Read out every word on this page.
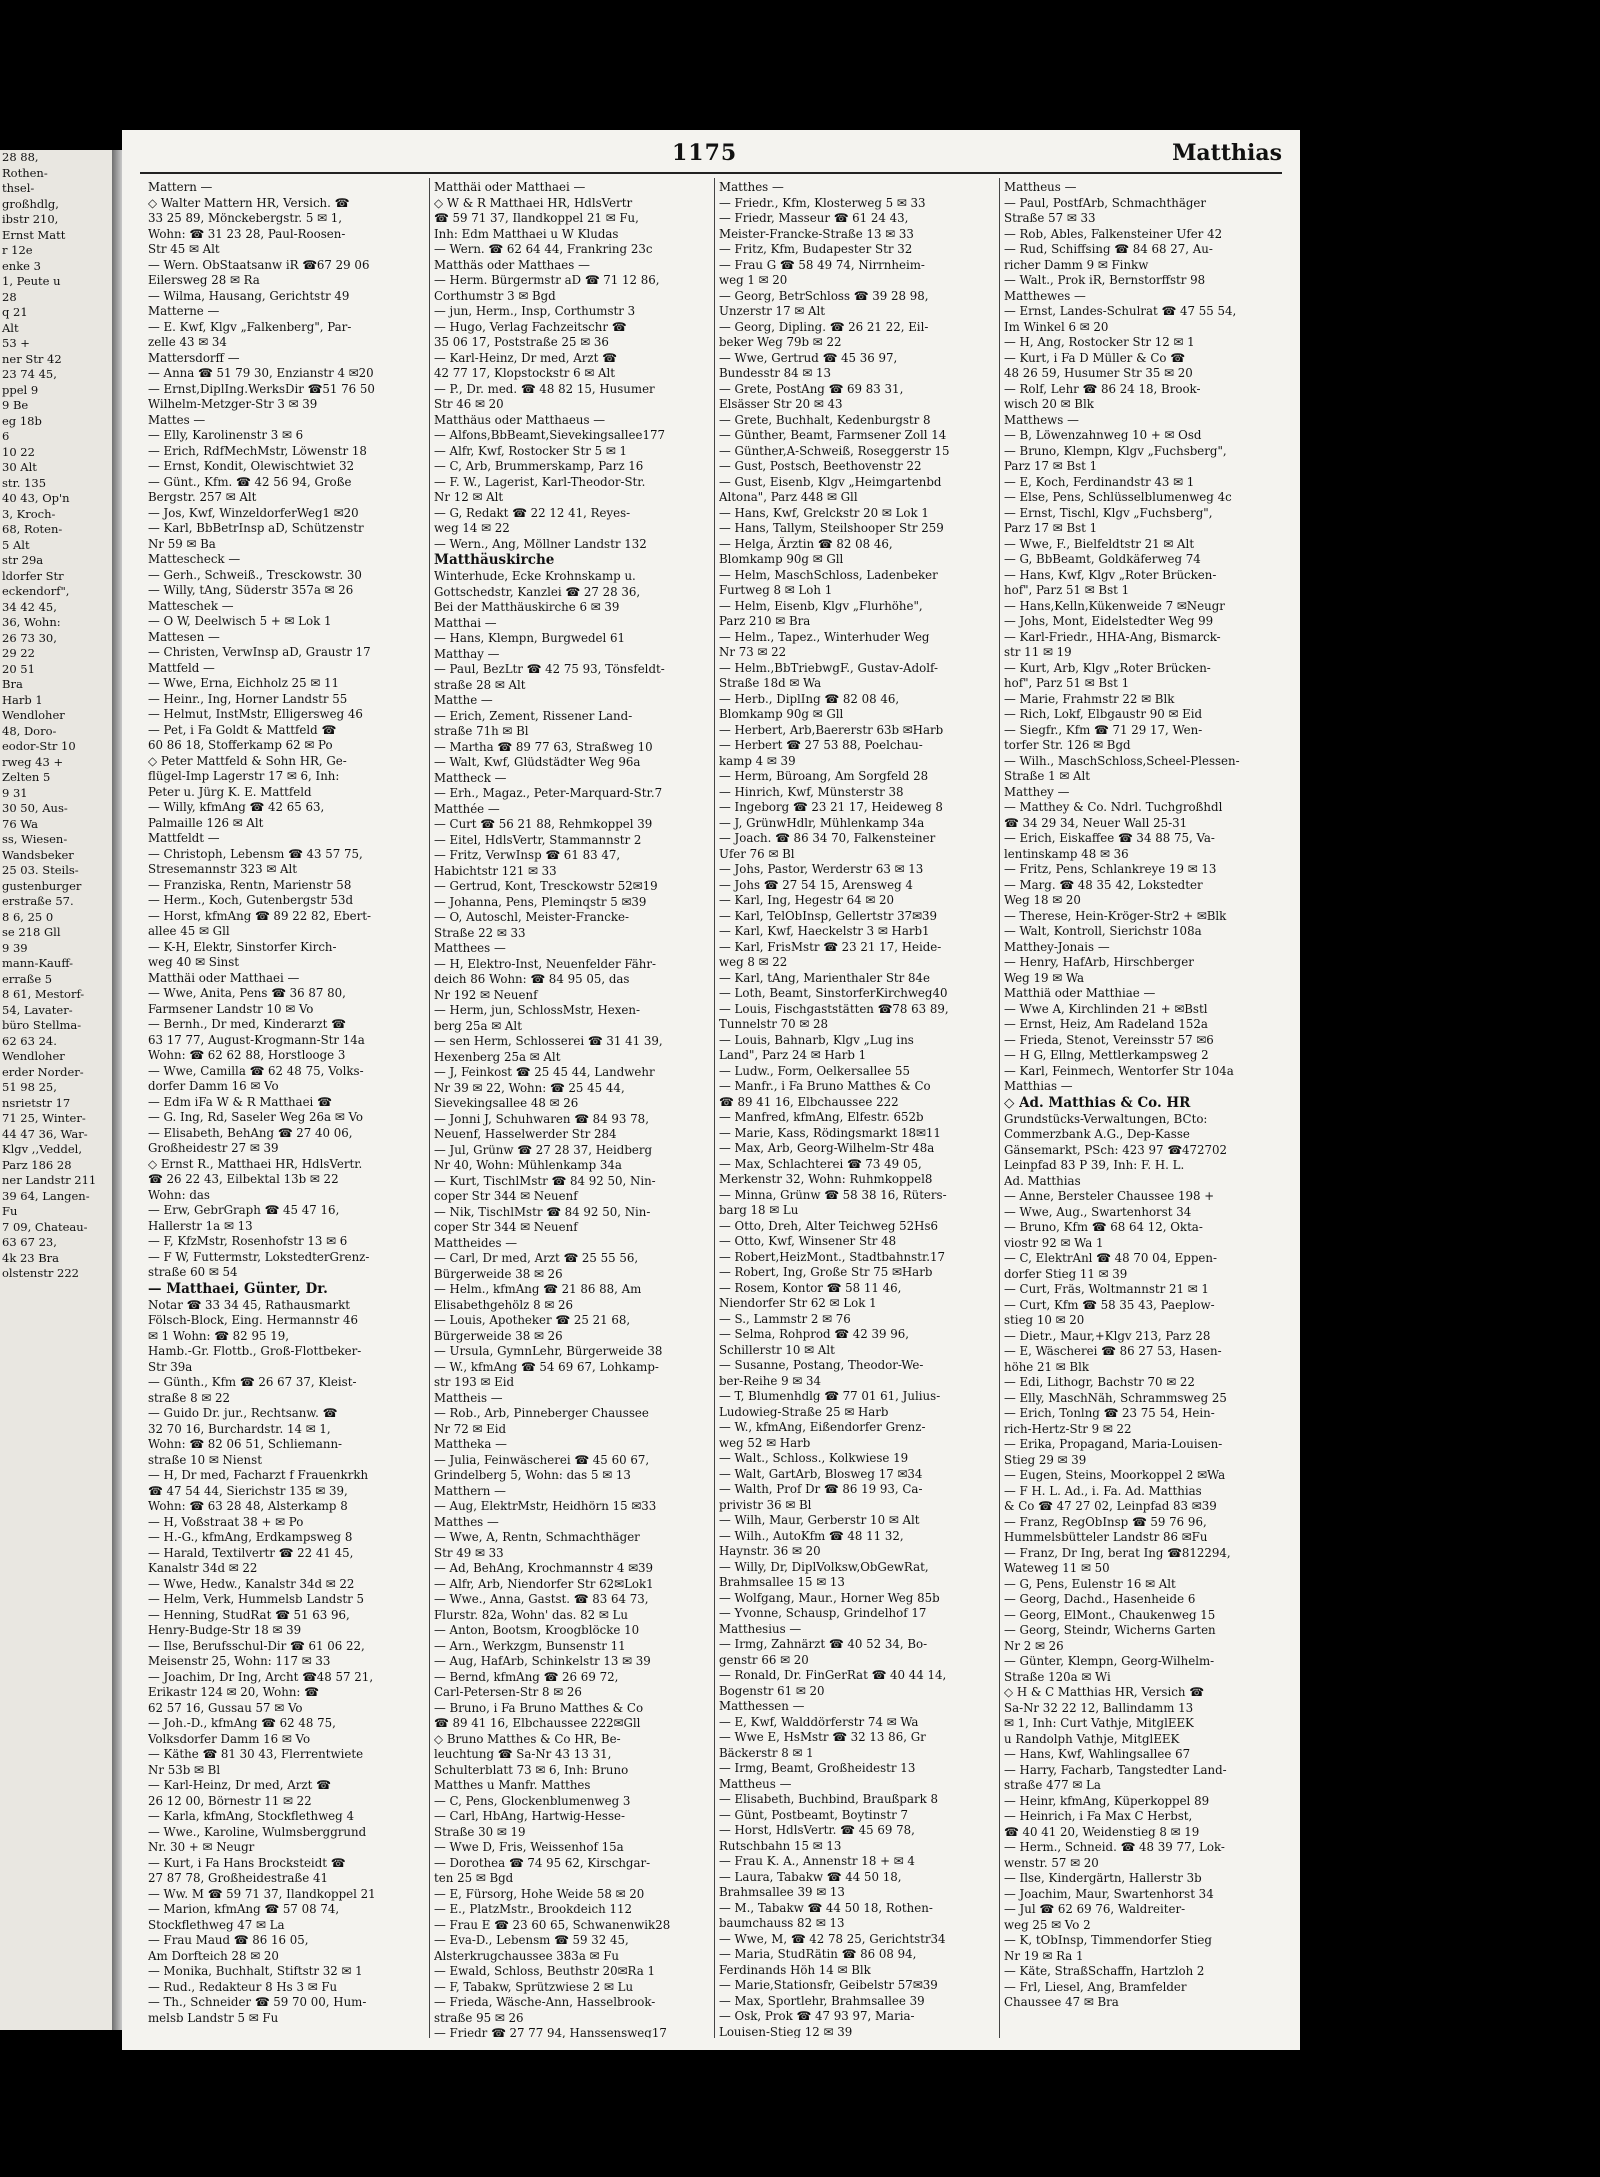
28 88,
Rothen-
thsel-
großhdlg,
ibstr 210,
Ernst Matt
r 12e
enke 3
1, Peute u
28
q 21
Alt
53 +
ner Str 42
23 74 45,
ppel 9
9 Be
eg 18b
6
10 22
30 Alt
str. 135
40 43, Op'n
3, Kroch-
68, Roten-
5 Alt
str 29a
ldorfer Str
eckendorf",
34 42 45,
36, Wohn:
26 73 30,
29 22
20 51
Bra
Harb 1
Wendloher
48, Doro-
eodor-Str 10
rweg 43 +
Zelten 5
9 31
30 50, Aus-
76 Wa
ss, Wiesen-
Wandsbeker
25 03. Steils-
gustenburger
erstraße 57.
8 6, 25 0
se 218 Gll
9 39
mann-Kauff-
erraße 5
8 61, Mestorf-
54, Lavater-
büro Stellma-
62 63 24.
Wendloher
erder Norder-
51 98 25,
nsrietstr 17
71 25, Winter-
44 47 36, War-
Klgv ,,Veddel,
Parz 186 28
ner Landstr 211
39 64, Langen-
Fu
7 09, Chateau-
63 67 23,
4k 23 Bra
olstenstr 222
1175	Matthias
Mattern —
◇ Walter Mattern HR, Versich. ☎
33 25 89, Mönckebergstr. 5 ✉ 1,
Wohn: ☎ 31 23 28, Paul-Roosen-
Str 45 ✉ Alt
— Wern. ObStaatsanw iR ☎67 29 06
Eilersweg 28 ✉ Ra
— Wilma, Hausang, Gerichtstr 49
Matterne —
— E. Kwf, Klgv „Falkenberg", Par-
zelle 43 ✉ 34
Mattersdorff —
— Anna ☎ 51 79 30, Enzianstr 4 ✉20
— Ernst,DiplIng.WerksDir ☎51 76 50
Wilhelm-Metzger-Str 3 ✉ 39
Mattes —
— Elly, Karolinenstr 3 ✉ 6
— Erich, RdfMechMstr, Löwenstr 18
— Ernst, Kondit, Olewischtwiet 32
— Günt., Kfm. ☎ 42 56 94, Große
Bergstr. 257 ✉ Alt
— Jos, Kwf, WinzeldorferWeg1 ✉20
— Karl, BbBetrInsp aD, Schützenstr
Nr 59 ✉ Ba
Mattescheck —
— Gerh., Schweiß., Tresckowstr. 30
— Willy, tAng, Süderstr 357a ✉ 26
Matteschek —
— O W, Deelwisch 5 + ✉ Lok 1
Mattesen —
— Christen, VerwInsp aD, Graustr 17
Mattfeld —
— Wwe, Erna, Eichholz 25 ✉ 11
— Heinr., Ing, Horner Landstr 55
— Helmut, InstMstr, Elligersweg 46
— Pet, i Fa Goldt & Mattfeld ☎
60 86 18, Stofferkamp 62 ✉ Po
◇ Peter Mattfeld & Sohn HR, Ge-
flügel-Imp Lagerstr 17 ✉ 6, Inh:
Peter u. Jürg K. E. Mattfeld
— Willy, kfmAng ☎ 42 65 63,
Palmaille 126 ✉ Alt
Mattfeldt —
— Christoph, Lebensm ☎ 43 57 75,
Stresemannstr 323 ✉ Alt
— Franziska, Rentn, Marienstr 58
— Herm., Koch, Gutenbergstr 53d
— Horst, kfmAng ☎ 89 22 82, Ebert-
allee 45 ✉ Gll
— K-H, Elektr, Sinstorfer Kirch-
weg 40 ✉ Sinst
Matthäi oder Matthaei —
— Wwe, Anita, Pens ☎ 36 87 80,
Farmsener Landstr 10 ✉ Vo
— Bernh., Dr med, Kinderarzt ☎
63 17 77, August-Krogmann-Str 14a
Wohn: ☎ 62 62 88, Horstlooge 3
— Wwe, Camilla ☎ 62 48 75, Volks-
dorfer Damm 16 ✉ Vo
— Edm iFa W & R Matthaei ☎
— G. Ing, Rd, Saseler Weg 26a ✉ Vo
— Elisabeth, BehAng ☎ 27 40 06,
Großheidestr 27 ✉ 39
◇ Ernst R., Matthaei HR, HdlsVertr.
☎ 26 22 43, Eilbektal 13b ✉ 22
Wohn: das
— Erw, GebrGraph ☎ 45 47 16,
Hallerstr 1a ✉ 13
— F, KfzMstr, Rosenhofstr 13 ✉ 6
— F W, Futtermstr, LokstedterGrenz-
straße 60 ✉ 54
— Matthaei, Günter, Dr.
Notar ☎ 33 34 45, Rathausmarkt
Fölsch-Block, Eing. Hermannstr 46
✉ 1 Wohn: ☎ 82 95 19,
Hamb.-Gr. Flottb., Groß-Flottbeker-
Str 39a
— Günth., Kfm ☎ 26 67 37, Kleist-
straße 8 ✉ 22
— Guido Dr. jur., Rechtsanw. ☎
32 70 16, Burchardstr. 14 ✉ 1,
Wohn: ☎ 82 06 51, Schliemann-
straße 10 ✉ Nienst
— H, Dr med, Facharzt f Frauenkrkh
☎ 47 54 44, Sierichstr 135 ✉ 39,
Wohn: ☎ 63 28 48, Alsterkamp 8
— H, Voßstraat 38 + ✉ Po
— H.-G., kfmAng, Erdkampsweg 8
— Harald, Textilvertr ☎ 22 41 45,
Kanalstr 34d ✉ 22
— Wwe, Hedw., Kanalstr 34d ✉ 22
— Helm, Verk, Hummelsb Landstr 5
— Henning, StudRat ☎ 51 63 96,
Henry-Budge-Str 18 ✉ 39
— Ilse, Berufsschul-Dir ☎ 61 06 22,
Meisenstr 25, Wohn: 117 ✉ 33
— Joachim, Dr Ing, Archt ☎48 57 21,
Erikastr 124 ✉ 20, Wohn: ☎
62 57 16, Gussau 57 ✉ Vo
— Joh.-D., kfmAng ☎ 62 48 75,
Volksdorfer Damm 16 ✉ Vo
— Käthe ☎ 81 30 43, Flerrentwiete
Nr 53b ✉ Bl
— Karl-Heinz, Dr med, Arzt ☎
26 12 00, Börnestr 11 ✉ 22
— Karla, kfmAng, Stockflethweg 4
— Wwe., Karoline, Wulmsberggrund
Nr. 30 + ✉ Neugr
— Kurt, i Fa Hans Brocksteidt ☎
27 87 78, Großheidestraße 41
— Ww. M ☎ 59 71 37, Ilandkoppel 21
— Marion, kfmAng ☎ 57 08 74,
Stockflethweg 47 ✉ La
— Frau Maud ☎ 86 16 05,
Am Dorfteich 28 ✉ 20
— Monika, Buchhalt, Stiftstr 32 ✉ 1
— Rud., Redakteur 8 Hs 3 ✉ Fu
— Th., Schneider ☎ 59 70 00, Hum-
melsb Landstr 5 ✉ Fu
Matthäi oder Matthaei —
◇ W & R Matthaei HR, HdlsVertr
☎ 59 71 37, Ilandkoppel 21 ✉ Fu,
Inh: Edm Matthaei u W Kludas
— Wern. ☎ 62 64 44, Frankring 23c
Matthäs oder Matthaes —
— Herm. Bürgermstr aD ☎ 71 12 86,
Corthumstr 3 ✉ Bgd
— jun, Herm., Insp, Corthumstr 3
— Hugo, Verlag Fachzeitschr ☎
35 06 17, Poststraße 25 ✉ 36
— Karl-Heinz, Dr med, Arzt ☎
42 77 17, Klopstockstr 6 ✉ Alt
— P., Dr. med. ☎ 48 82 15, Husumer
Str 46 ✉ 20
Matthäus oder Matthaeus —
— Alfons,BbBeamt,Sievekingsallee177
— Alfr, Kwf, Rostocker Str 5 ✉ 1
— C, Arb, Brummerskamp, Parz 16
— F. W., Lagerist, Karl-Theodor-Str.
Nr 12 ✉ Alt
— G, Redakt ☎ 22 12 41, Reyes-
weg 14 ✉ 22
— Wern., Ang, Möllner Landstr 132
Matthäuskirche
Winterhude, Ecke Krohnskamp u.
Gottschedstr, Kanzlei ☎ 27 28 36,
Bei der Matthäuskirche 6 ✉ 39
Matthai —
— Hans, Klempn, Burgwedel 61
Matthay —
— Paul, BezLtr ☎ 42 75 93, Tönsfeldt-
straße 28 ✉ Alt
Matthe —
— Erich, Zement, Rissener Land-
straße 71h ✉ Bl
— Martha ☎ 89 77 63, Straßweg 10
— Walt, Kwf, Glüdstädter Weg 96a
Mattheck —
— Erh., Magaz., Peter-Marquard-Str.7
Matthée —
— Curt ☎ 56 21 88, Rehmkoppel 39
— Eitel, HdlsVertr, Stammannstr 2
— Fritz, VerwInsp ☎ 61 83 47,
Habichtstr 121 ✉ 33
— Gertrud, Kont, Tresckowstr 52✉19
— Johanna, Pens, Pleminqstr 5 ✉39
— O, Autoschl, Meister-Francke-
Straße 22 ✉ 33
Matthees —
— H, Elektro-Inst, Neuenfelder Fähr-
deich 86 Wohn: ☎ 84 95 05, das
Nr 192 ✉ Neuenf
— Herm, jun, SchlossMstr, Hexen-
berg 25a ✉ Alt
— sen Herm, Schlosserei ☎ 31 41 39,
Hexenberg 25a ✉ Alt
— J, Feinkost ☎ 25 45 44, Landwehr
Nr 39 ✉ 22, Wohn: ☎ 25 45 44,
Sievekingsallee 48 ✉ 26
— Jonni J, Schuhwaren ☎ 84 93 78,
Neuenf, Hasselwerder Str 284
— Jul, Grünw ☎ 27 28 37, Heidberg
Nr 40, Wohn: Mühlenkamp 34a
— Kurt, TischlMstr ☎ 84 92 50, Nin-
coper Str 344 ✉ Neuenf
— Nik, TischlMstr ☎ 84 92 50, Nin-
coper Str 344 ✉ Neuenf
Mattheides —
— Carl, Dr med, Arzt ☎ 25 55 56,
Bürgerweide 38 ✉ 26
— Helm., kfmAng ☎ 21 86 88, Am
Elisabethgehölz 8 ✉ 26
— Louis, Apotheker ☎ 25 21 68,
Bürgerweide 38 ✉ 26
— Ursula, GymnLehr, Bürgerweide 38
— W., kfmAng ☎ 54 69 67, Lohkamp-
str 193 ✉ Eid
Mattheis —
— Rob., Arb, Pinneberger Chaussee
Nr 72 ✉ Eid
Mattheka —
— Julia, Feinwäscherei ☎ 45 60 67,
Grindelberg 5, Wohn: das 5 ✉ 13
Matthern —
— Aug, ElektrMstr, Heidhörn 15 ✉33
Matthes —
— Wwe, A, Rentn, Schmachthäger
Str 49 ✉ 33
— Ad, BehAng, Krochmannstr 4 ✉39
— Alfr, Arb, Niendorfer Str 62✉Lok1
— Wwe., Anna, Gastst. ☎ 83 64 73,
Flurstr. 82a, Wohn' das. 82 ✉ Lu
— Anton, Bootsm, Kroogblöcke 10
— Arn., Werkzgm, Bunsenstr 11
— Aug, HafArb, Schinkelstr 13 ✉ 39
— Bernd, kfmAng ☎ 26 69 72,
Carl-Petersen-Str 8 ✉ 26
— Bruno, i Fa Bruno Matthes & Co
☎ 89 41 16, Elbchaussee 222✉Gll
◇ Bruno Matthes & Co HR, Be-
leuchtung ☎ Sa-Nr 43 13 31,
Schulterblatt 73 ✉ 6, Inh: Bruno
Matthes u Manfr. Matthes
— C, Pens, Glockenblumenweg 3
— Carl, HbAng, Hartwig-Hesse-
Straße 30 ✉ 19
— Wwe D, Fris, Weissenhof 15a
— Dorothea ☎ 74 95 62, Kirschgar-
ten 25 ✉ Bgd
— E, Fürsorg, Hohe Weide 58 ✉ 20
— E., PlatzMstr., Brookdeich 112
— Frau E ☎ 23 60 65, Schwanenwik28
— Eva-D., Lebensm ☎ 59 32 45,
Alsterkrugchaussee 383a ✉ Fu
— Ewald, Schloss, Beuthstr 20✉Ra 1
— F, Tabakw, Sprützwiese 2 ✉ Lu
— Frieda, Wäsche-Ann, Hasselbrook-
straße 95 ✉ 26
— Friedr ☎ 27 77 94, Hanssensweg17
Matthes —
— Friedr., Kfm, Klosterweg 5 ✉ 33
— Friedr, Masseur ☎ 61 24 43,
Meister-Francke-Straße 13 ✉ 33
— Fritz, Kfm, Budapester Str 32
— Frau G ☎ 58 49 74, Nirrnheim-
weg 1 ✉ 20
— Georg, BetrSchloss ☎ 39 28 98,
Unzerstr 17 ✉ Alt
— Georg, Dipling. ☎ 26 21 22, Eil-
beker Weg 79b ✉ 22
— Wwe, Gertrud ☎ 45 36 97,
Bundesstr 84 ✉ 13
— Grete, PostAng ☎ 69 83 31,
Elsässer Str 20 ✉ 43
— Grete, Buchhalt, Kedenburgstr 8
— Günther, Beamt, Farmsener Zoll 14
— Günther,A-Schweiß, Roseggerstr 15
— Gust, Postsch, Beethovenstr 22
— Gust, Eisenb, Klgv „Heimgartenbd
Altona", Parz 448 ✉ Gll
— Hans, Kwf, Grelckstr 20 ✉ Lok 1
— Hans, Tallym, Steilshooper Str 259
— Helga, Ärztin ☎ 82 08 46,
Blomkamp 90g ✉ Gll
— Helm, MaschSchloss, Ladenbeker
Furtweg 8 ✉ Loh 1
— Helm, Eisenb, Klgv „Flurhöhe",
Parz 210 ✉ Bra
— Helm., Tapez., Winterhuder Weg
Nr 73 ✉ 22
— Helm.,BbTriebwgF., Gustav-Adolf-
Straße 18d ✉ Wa
— Herb., DiplIng ☎ 82 08 46,
Blomkamp 90g ✉ Gll
— Herbert, Arb,Baererstr 63b ✉Harb
— Herbert ☎ 27 53 88, Poelchau-
kamp 4 ✉ 39
— Herm, Büroang, Am Sorgfeld 28
— Hinrich, Kwf, Münsterstr 38
— Ingeborg ☎ 23 21 17, Heideweg 8
— J, GrünwHdlr, Mühlenkamp 34a
— Joach. ☎ 86 34 70, Falkensteiner
Ufer 76 ✉ Bl
— Johs, Pastor, Werderstr 63 ✉ 13
— Johs ☎ 27 54 15, Arensweg 4
— Karl, Ing, Hegestr 64 ✉ 20
— Karl, TelObInsp, Gellertstr 37✉39
— Karl, Kwf, Haeckelstr 3 ✉ Harb1
— Karl, FrisMstr ☎ 23 21 17, Heide-
weg 8 ✉ 22
— Karl, tAng, Marienthaler Str 84e
— Loth, Beamt, SinstorferKirchweg40
— Louis, Fischgaststätten ☎78 63 89,
Tunnelstr 70 ✉ 28
— Louis, Bahnarb, Klgv „Lug ins
Land", Parz 24 ✉ Harb 1
— Ludw., Form, Oelkersallee 55
— Manfr., i Fa Bruno Matthes & Co
☎ 89 41 16, Elbchaussee 222
— Manfred, kfmAng, Elfestr. 652b
— Marie, Kass, Rödingsmarkt 18✉11
— Max, Arb, Georg-Wilhelm-Str 48a
— Max, Schlachterei ☎ 73 49 05,
Merkenstr 32, Wohn: Ruhmkoppel8
— Minna, Grünw ☎ 58 38 16, Rüters-
barg 18 ✉ Lu
— Otto, Dreh, Alter Teichweg 52Hs6
— Otto, Kwf, Winsener Str 48
— Robert,HeizMont., Stadtbahnstr.17
— Robert, Ing, Große Str 75 ✉Harb
— Rosem, Kontor ☎ 58 11 46,
Niendorfer Str 62 ✉ Lok 1
— S., Lammstr 2 ✉ 76
— Selma, Rohprod ☎ 42 39 96,
Schillerstr 10 ✉ Alt
— Susanne, Postang, Theodor-We-
ber-Reihe 9 ✉ 34
— T, Blumenhdlg ☎ 77 01 61, Julius-
Ludowieg-Straße 25 ✉ Harb
— W., kfmAng, Eißendorfer Grenz-
weg 52 ✉ Harb
— Walt., Schloss., Kolkwiese 19
— Walt, GartArb, Blosweg 17 ✉34
— Walth, Prof Dr ☎ 86 19 93, Ca-
privistr 36 ✉ Bl
— Wilh, Maur, Gerberstr 10 ✉ Alt
— Wilh., AutoKfm ☎ 48 11 32,
Haynstr. 36 ✉ 20
— Willy, Dr, DiplVolksw,ObGewRat,
Brahmsallee 15 ✉ 13
— Wolfgang, Maur., Horner Weg 85b
— Yvonne, Schausp, Grindelhof 17
Matthesius —
— Irmg, Zahnärzt ☎ 40 52 34, Bo-
genstr 66 ✉ 20
— Ronald, Dr. FinGerRat ☎ 40 44 14,
Bogenstr 61 ✉ 20
Matthessen —
— E, Kwf, Walddörferstr 74 ✉ Wa
— Wwe E, HsMstr ☎ 32 13 86, Gr
Bäckerstr 8 ✉ 1
— Irmg, Beamt, Großheidestr 13
Mattheus —
— Elisabeth, Buchbind, Braußpark 8
— Günt, Postbeamt, Boytinstr 7
— Horst, HdlsVertr. ☎ 45 69 78,
Rutschbahn 15 ✉ 13
— Frau K. A., Annenstr 18 + ✉ 4
— Laura, Tabakw ☎ 44 50 18,
Brahmsallee 39 ✉ 13
— M., Tabakw ☎ 44 50 18, Rothen-
baumchauss 82 ✉ 13
— Wwe, M, ☎ 42 78 25, Gerichtstr34
— Maria, StudRätin ☎ 86 08 94,
Ferdinands Höh 14 ✉ Blk
— Marie,Stationsfr, Geibelstr 57✉39
— Max, Sportlehr, Brahmsallee 39
— Osk, Prok ☎ 47 93 97, Maria-
Louisen-Stieg 12 ✉ 39
Mattheus —
— Paul, PostfArb, Schmachthäger
Straße 57 ✉ 33
— Rob, Ables, Falkensteiner Ufer 42
— Rud, Schiffsing ☎ 84 68 27, Au-
richer Damm 9 ✉ Finkw
— Walt., Prok iR, Bernstorffstr 98
Matthewes —
— Ernst, Landes-Schulrat ☎ 47 55 54,
Im Winkel 6 ✉ 20
— H, Ang, Rostocker Str 12 ✉ 1
— Kurt, i Fa D Müller & Co ☎
48 26 59, Husumer Str 35 ✉ 20
— Rolf, Lehr ☎ 86 24 18, Brook-
wisch 20 ✉ Blk
Matthews —
— B, Löwenzahnweg 10 + ✉ Osd
— Bruno, Klempn, Klgv „Fuchsberg",
Parz 17 ✉ Bst 1
— E, Koch, Ferdinandstr 43 ✉ 1
— Else, Pens, Schlüsselblumenweg 4c
— Ernst, Tischl, Klgv „Fuchsberg",
Parz 17 ✉ Bst 1
— Wwe, F., Bielfeldtstr 21 ✉ Alt
— G, BbBeamt, Goldkäferweg 74
— Hans, Kwf, Klgv „Roter Brücken-
hof", Parz 51 ✉ Bst 1
— Hans,Kelln,Kükenweide 7 ✉Neugr
— Johs, Mont, Eidelstedter Weg 99
— Karl-Friedr., HHA-Ang, Bismarck-
str 11 ✉ 19
— Kurt, Arb, Klgv „Roter Brücken-
hof", Parz 51 ✉ Bst 1
— Marie, Frahmstr 22 ✉ Blk
— Rich, Lokf, Elbgaustr 90 ✉ Eid
— Siegfr., Kfm ☎ 71 29 17, Wen-
torfer Str. 126 ✉ Bgd
— Wilh., MaschSchloss,Scheel-Plessen-
Straße 1 ✉ Alt
Matthey —
— Matthey & Co. Ndrl. Tuchgroßhdl
☎ 34 29 34, Neuer Wall 25-31
— Erich, Eiskaffee ☎ 34 88 75, Va-
lentinskamp 48 ✉ 36
— Fritz, Pens, Schlankreye 19 ✉ 13
— Marg. ☎ 48 35 42, Lokstedter
Weg 18 ✉ 20
— Therese, Hein-Kröger-Str2 + ✉Blk
— Walt, Kontroll, Sierichstr 108a
Matthey-Jonais —
— Henry, HafArb, Hirschberger
Weg 19 ✉ Wa
Matthiä oder Matthiae —
— Wwe A, Kirchlinden 21 + ✉Bstl
— Ernst, Heiz, Am Radeland 152a
— Frieda, Stenot, Vereinsstr 57 ✉6
— H G, Ellng, Mettlerkampsweg 2
— Karl, Feinmech, Wentorfer Str 104a
Matthias —
◇ Ad. Matthias & Co. HR
Grundstücks-Verwaltungen, BCto:
Commerzbank A.G., Dep-Kasse
Gänsemarkt, PSch: 423 97 ☎472702
Leinpfad 83 P 39, Inh: F. H. L.
Ad. Matthias
— Anne, Bersteler Chaussee 198 +
— Wwe, Aug., Swartenhorst 34
— Bruno, Kfm ☎ 68 64 12, Okta-
viostr 92 ✉ Wa 1
— C, ElektrAnl ☎ 48 70 04, Eppen-
dorfer Stieg 11 ✉ 39
— Curt, Fräs, Woltmannstr 21 ✉ 1
— Curt, Kfm ☎ 58 35 43, Paeplow-
stieg 10 ✉ 20
— Dietr., Maur,+Klgv 213, Parz 28
— E, Wäscherei ☎ 86 27 53, Hasen-
höhe 21 ✉ Blk
— Edi, Lithogr, Bachstr 70 ✉ 22
— Elly, MaschNäh, Schrammsweg 25
— Erich, Tonlng ☎ 23 75 54, Hein-
rich-Hertz-Str 9 ✉ 22
— Erika, Propagand, Maria-Louisen-
Stieg 29 ✉ 39
— Eugen, Steins, Moorkoppel 2 ✉Wa
— F H. L. Ad., i. Fa. Ad. Matthias
& Co ☎ 47 27 02, Leinpfad 83 ✉39
— Franz, RegObInsp ☎ 59 76 96,
Hummelsbütteler Landstr 86 ✉Fu
— Franz, Dr Ing, berat Ing ☎812294,
Wateweg 11 ✉ 50
— G, Pens, Eulenstr 16 ✉ Alt
— Georg, Dachd., Hasenheide 6
— Georg, ElMont., Chaukenweg 15
— Georg, Steindr, Wicherns Garten
Nr 2 ✉ 26
— Günter, Klempn, Georg-Wilhelm-
Straße 120a ✉ Wi
◇ H & C Matthias HR, Versich ☎
Sa-Nr 32 22 12, Ballindamm 13
✉ 1, Inh: Curt Vathje, MitglEEK
u Randolph Vathje, MitglEEK
— Hans, Kwf, Wahlingsallee 67
— Harry, Facharb, Tangstedter Land-
straße 477 ✉ La
— Heinr, kfmAng, Küperkoppel 89
— Heinrich, i Fa Max C Herbst,
☎ 40 41 20, Weidenstieg 8 ✉ 19
— Herm., Schneid. ☎ 48 39 77, Lok-
wenstr. 57 ✉ 20
— Ilse, Kindergärtn, Hallerstr 3b
— Joachim, Maur, Swartenhorst 34
— Jul ☎ 62 69 76, Waldreiter-
weg 25 ✉ Vo 2
— K, tObInsp, Timmendorfer Stieg
Nr 19 ✉ Ra 1
— Käte, StraßSchaffn, Hartzloh 2
— Frl, Liesel, Ang, Bramfelder
Chaussee 47 ✉ Bra
